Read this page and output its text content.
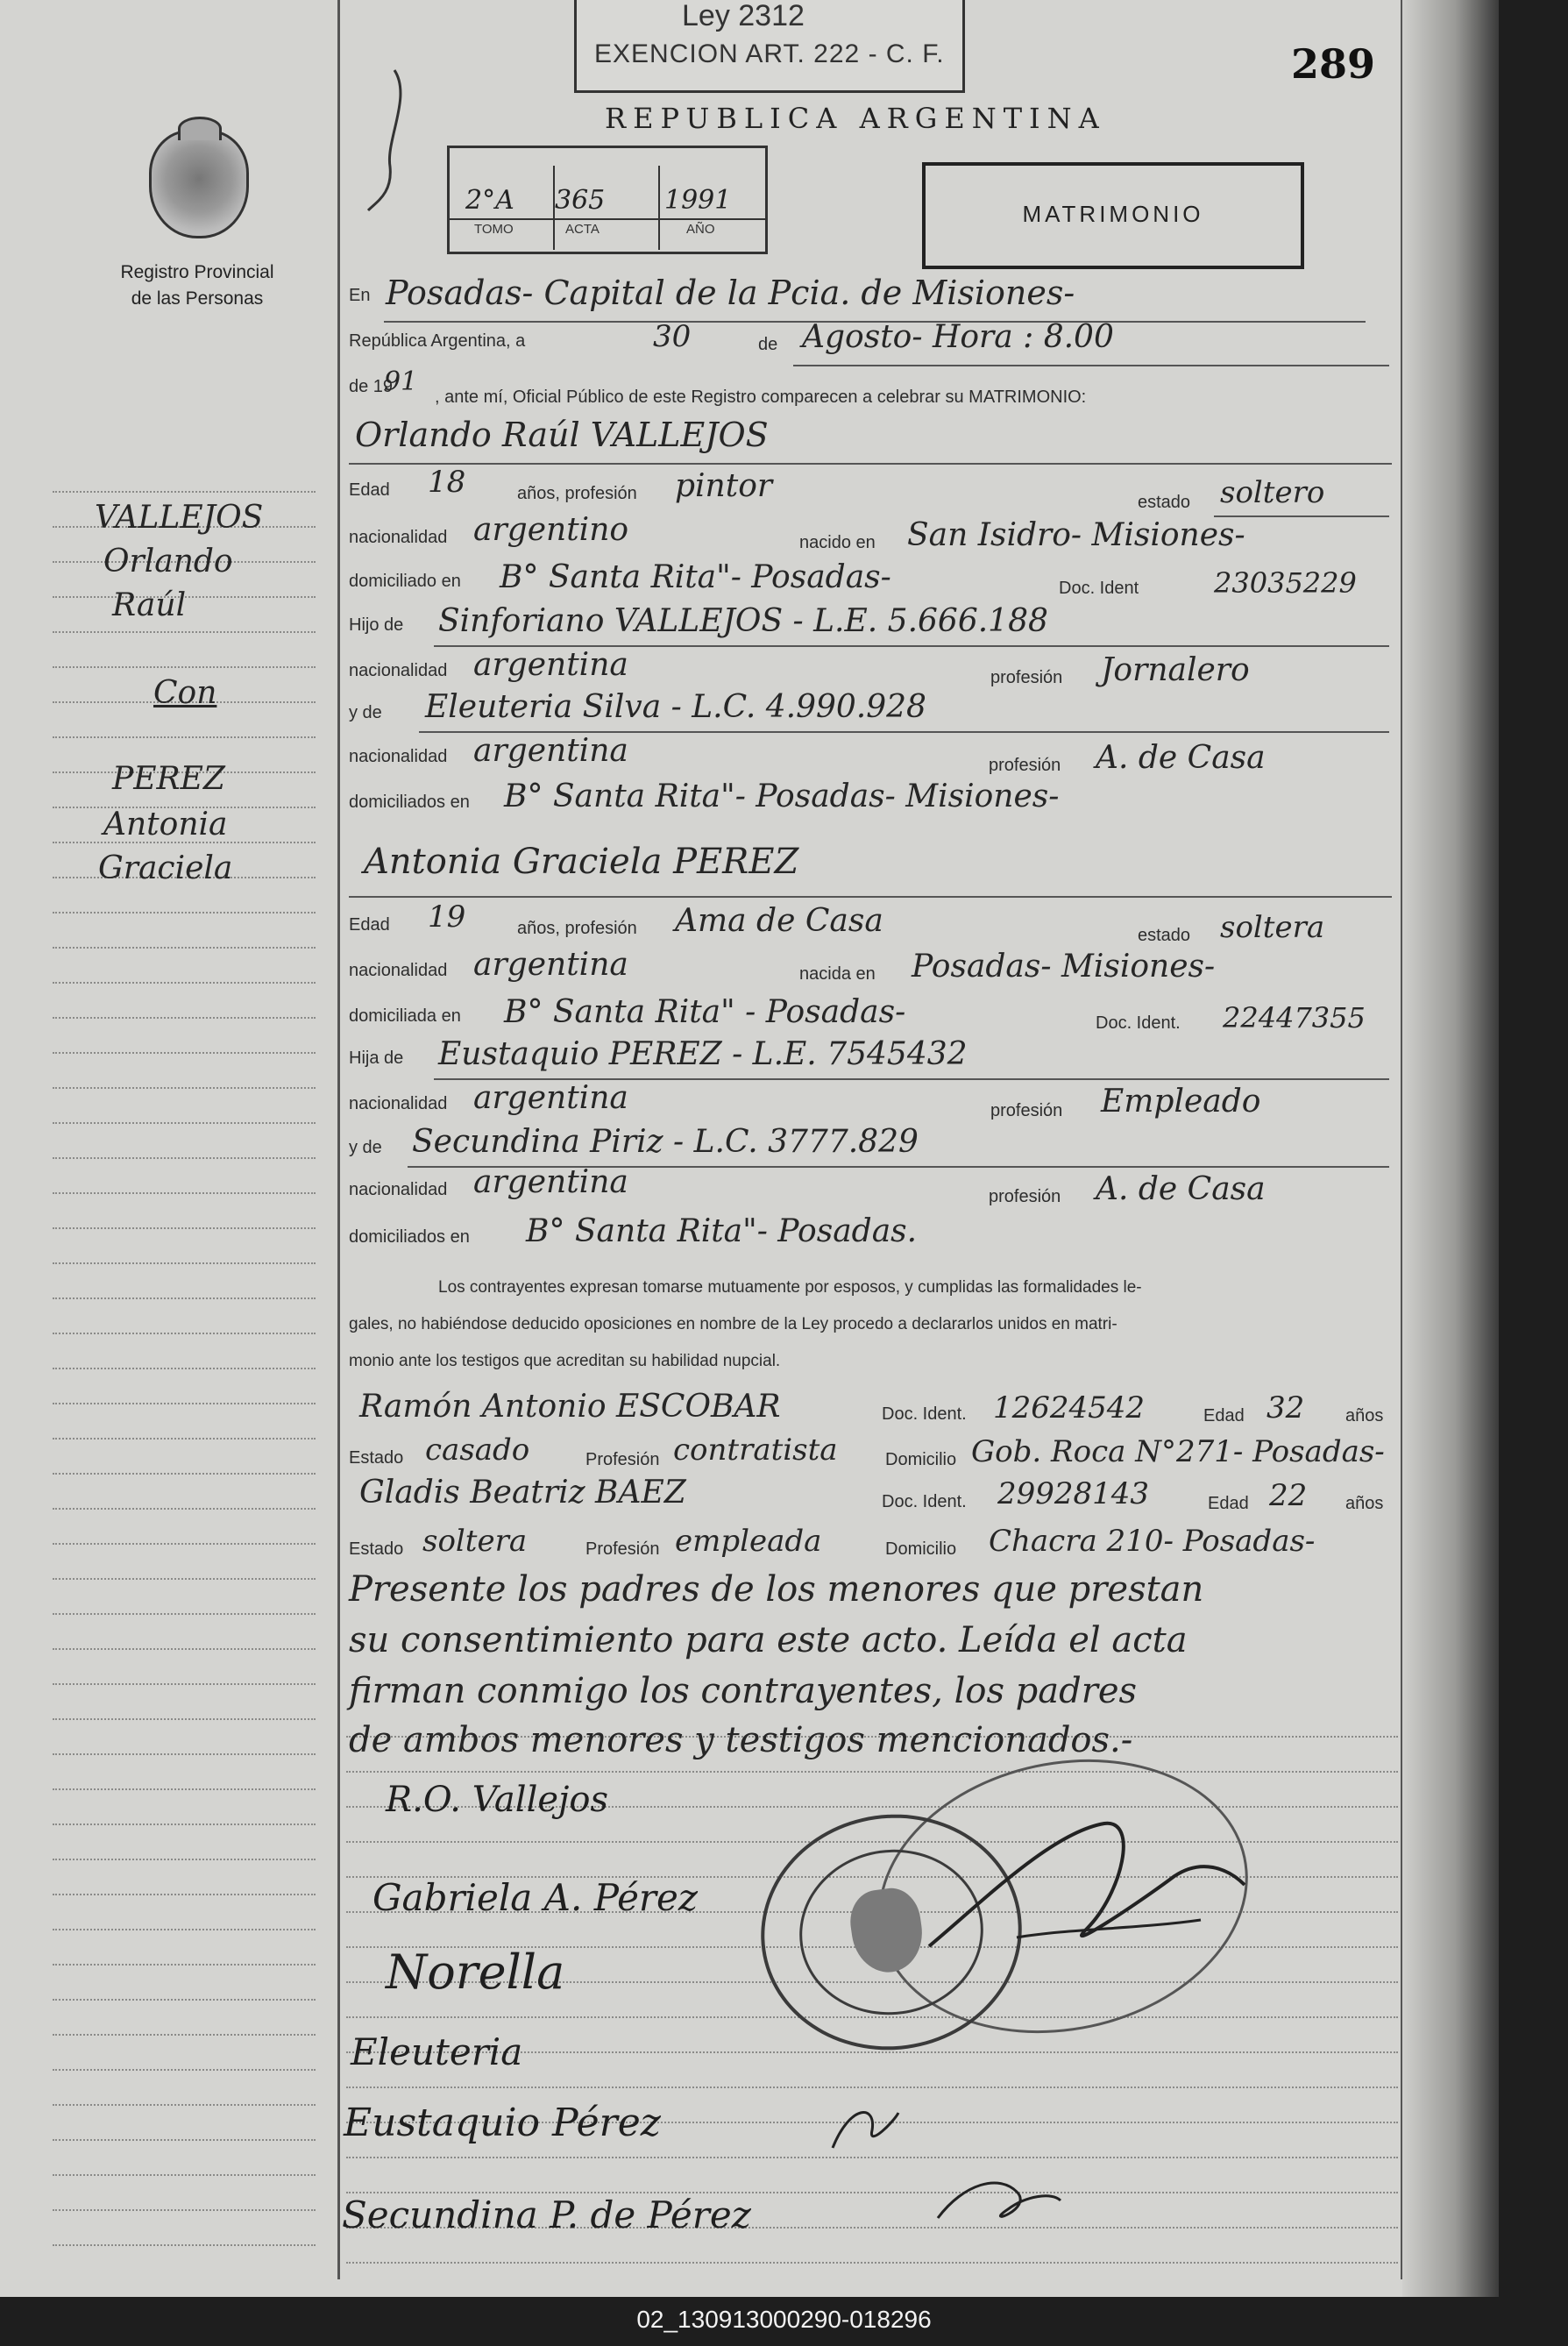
Ley 2312
EXENCION ART. 222 - C. F.	289
REPUBLICA ARGENTINA
Registro Provincial
de las Personas
2°A 365 1991
TOMO	ACTA	AÑO
MATRIMONIO
VALLEJOS
Orlando
Raúl
Con
PEREZ
Antonia
Graciela
En Posadas- Capital de la Pcia. de Misiones-
República Argentina, a	30	de Agosto- Hora : 8.00
de 19
91 , ante mí, Oficial Público de este Registro comparecen a celebrar su MATRIMONIO:
Orlando Raúl VALLEJOS
Edad 18	años, profesión pintor	estado soltero
nacionalidad argentino	nacido en San Isidro- Misiones-
domiciliado en B° Santa Rita"- Posadas-	Doc. Ident	23035229
Hijo de Sinforiano VALLEJOS - L.E. 5.666.188
nacionalidad argentina	profesión Jornalero
y de Eleuteria Silva - L.C. 4.990.928
nacionalidad argentina	profesión A. de Casa
domiciliados en B° Santa Rita"- Posadas- Misiones-
Antonia Graciela PEREZ
Edad 19	años, profesión Ama de Casa	estado soltera
nacionalidad argentina	nacida en Posadas- Misiones-
domiciliada en B° Santa Rita" - Posadas-	Doc. Ident. 22447355
Hija de Eustaquio PEREZ - L.E. 7545432
nacionalidad argentina	profesión Empleado
y de Secundina Piriz - L.C. 3777.829
nacionalidad argentina	profesión A. de Casa
domiciliados en B° Santa Rita"- Posadas.
Los contrayentes expresan tomarse mutuamente por esposos, y cumplidas las formalidades le-
gales, no habiéndose deducido oposiciones en nombre de la Ley procedo a declararlos unidos en matri-
monio ante los testigos que acreditan su habilidad nupcial.
Ramón Antonio ESCOBAR	Doc. Ident. 12624542	Edad 32 años
Estado casado	Profesión contratista	Domicilio Gob. Roca N°271- Posadas-
Gladis Beatriz BAEZ	Doc. Ident. 29928143	Edad 22 años
Estado soltera	Profesión empleada	Domicilio Chacra 210- Posadas-
Presente los padres de los menores que prestan
su consentimiento para este acto. Leída el acta
firman conmigo los contrayentes, los padres
de ambos menores y testigos mencionados.-
R.O. Vallejos
Gabriela A. Pérez
Norella
Eleuteria
Eustaquio Pérez
Secundina P. de Pérez
02_130913000290-018296
